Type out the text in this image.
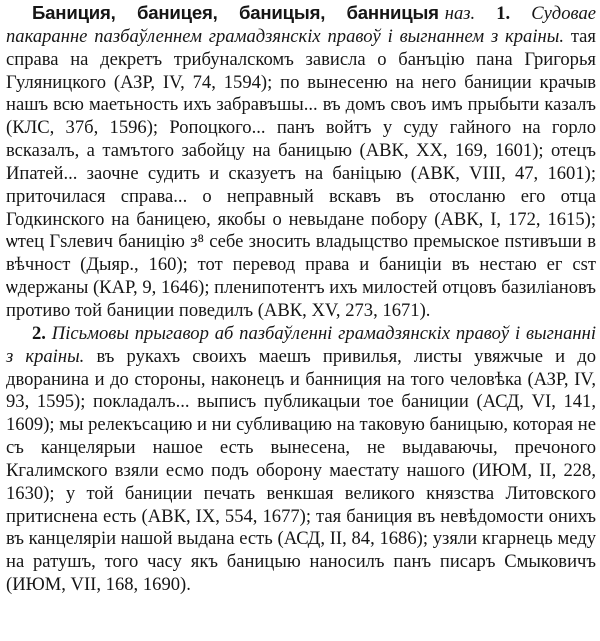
Баниция, баницея, баницыя, банницыя наз. 1. Судовае пакаранне пазбаўленнем грамадзянскіх правоў і выгнаннем з краіны. тая справа на декретъ трибуналскомъ зависла о банъцію пана Григорья Гуляницкого (АЗР, IV, 74, 1594); по вынесеню на него баниции крачыв нашъ всю маетьность ихъ забравъшы... въ домъ своъ имъ прыбыти казалъ (КЛС, 37б, 1596); Ропоцкого... панъ войтъ у суду гайного на горло всказалъ, а тамътого забойцу на баницыю (АВК, XX, 169, 1601); отецъ Ипатей... заочне судить и сказуетъ на баніцыю (АВК, VIII, 47, 1601); приточилася справа... о неправный вскавъ въ отосланю его отца Годкинского на баницею, якобы о невыдане побору (АВК, I, 172, 1615); ѡтец Гѕлевич баницію з⁸ себе зносить владыцство премыское пѕтивъши в вѣчност (Дыяр., 160); тот перевод права и баниціи въ нестаю ег сѕт ѡдержаны (КАР, 9, 1646); пленипотентъ ихъ милостей отцовъ базиліановъ противо той баниции поведилъ (АВК, XV, 273, 1671).

2. Пісьмовы прыгавор аб пазбаўленні грамадзянскіх правоў і выгнанні з краіны. въ рукахъ своихъ маешъ привилья, листы увяжчые и до дворанина и до стороны, наконецъ и банниция на того человѣка (АЗР, IV, 93, 1595); покладалъ... выписъ публикацыи тое баниции (АСД, VI, 141, 1609); мы релекъсацию и ни субливацию на таковую баницыю, которая не съ канцелярыи нашое есть вынесена, не выдаваючы, пречоного Кгалимского взяли есмо подъ оборону маестату нашого (ИЮМ, II, 228, 1630); у той баниции печать венкшая великого князства Литовского притиснена есть (АВК, IX, 554, 1677); тая баниция въ невѣдомости онихъ въ канцеляріи нашой выдана есть (АСД, II, 84, 1686); узяли кгарнець меду на ратушъ, того часу якъ баницыю наносилъ панъ писаръ Смыковичъ (ИЮМ, VII, 168, 1690).
